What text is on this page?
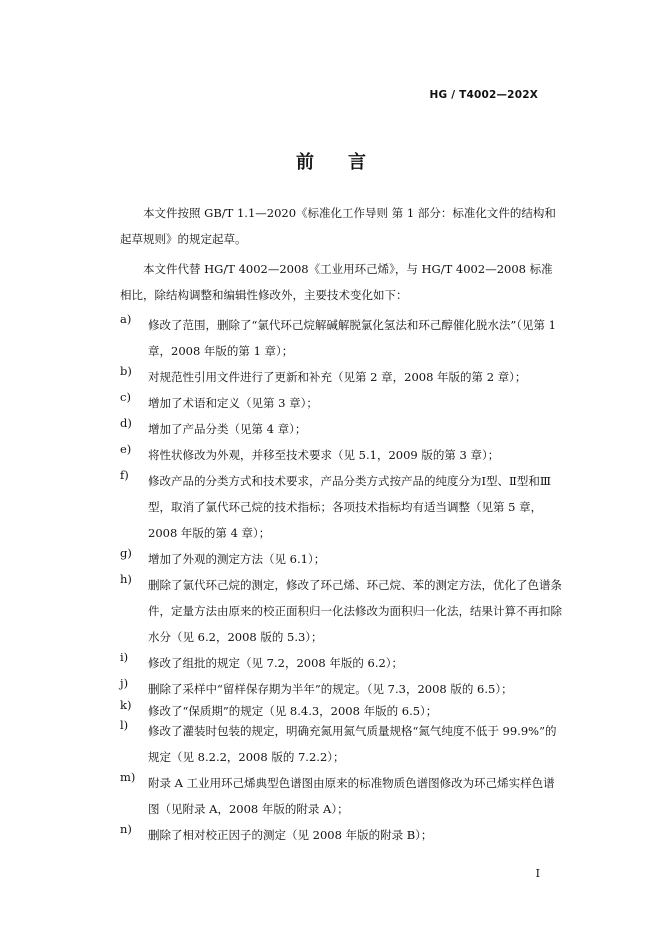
HG / T4002—202X
前言
本文件按照 GB/T 1.1—2020《标准化工作导则 第 1 部分：标准化文件的结构和起草规则》的规定起草。
本文件代替 HG/T 4002—2008《工业用环己烯》，与 HG/T 4002—2008 标准相比，除结构调整和编辑性修改外，主要技术变化如下：
a)	修改了范围，删除了“氯代环己烷解碱解脱氯化氢法和环己醇催化脱水法”（见第 1 章，2008 年版的第 1 章）；
b)	对规范性引用文件进行了更新和补充（见第 2 章，2008 年版的第 2 章）；
c)	增加了术语和定义（见第 3 章）；
d)	增加了产品分类（见第 4 章）；
e)	将性状修改为外观，并移至技术要求（见 5.1，2009 版的第 3 章）；
f)	修改产品的分类方式和技术要求，产品分类方式按产品的纯度分为Ⅰ型、Ⅱ型和Ⅲ型，取消了氯代环己烷的技术指标；各项技术指标均有适当调整（见第 5 章，2008 年版的第 4 章）；
g)	增加了外观的测定方法（见 6.1）；
h)	删除了氯代环己烷的测定，修改了环己烯、环己烷、苯的测定方法，优化了色谱条件，定量方法由原来的校正面积归一化法修改为面积归一化法，结果计算不再扣除水分（见 6.2，2008 版的 5.3）；
i)	修改了组批的规定（见 7.2，2008 年版的 6.2）；
j)	删除了采样中“留样保存期为半年”的规定。（见 7.3，2008 版的 6.5）；
k)	修改了“保质期”的规定（见 8.4.3，2008 年版的 6.5）；
l)	修改了灌装时包装的规定，明确充氮用氮气质量规格“氮气纯度不低于 99.9%”的规定（见 8.2.2，2008 版的 7.2.2）；
m)	附录 A 工业用环己烯典型色谱图由原来的标准物质色谱图修改为环己烯实样色谱图（见附录 A，2008 年版的附录 A）；
n)	删除了相对校正因子的测定（见 2008 年版的附录 B）；
I
